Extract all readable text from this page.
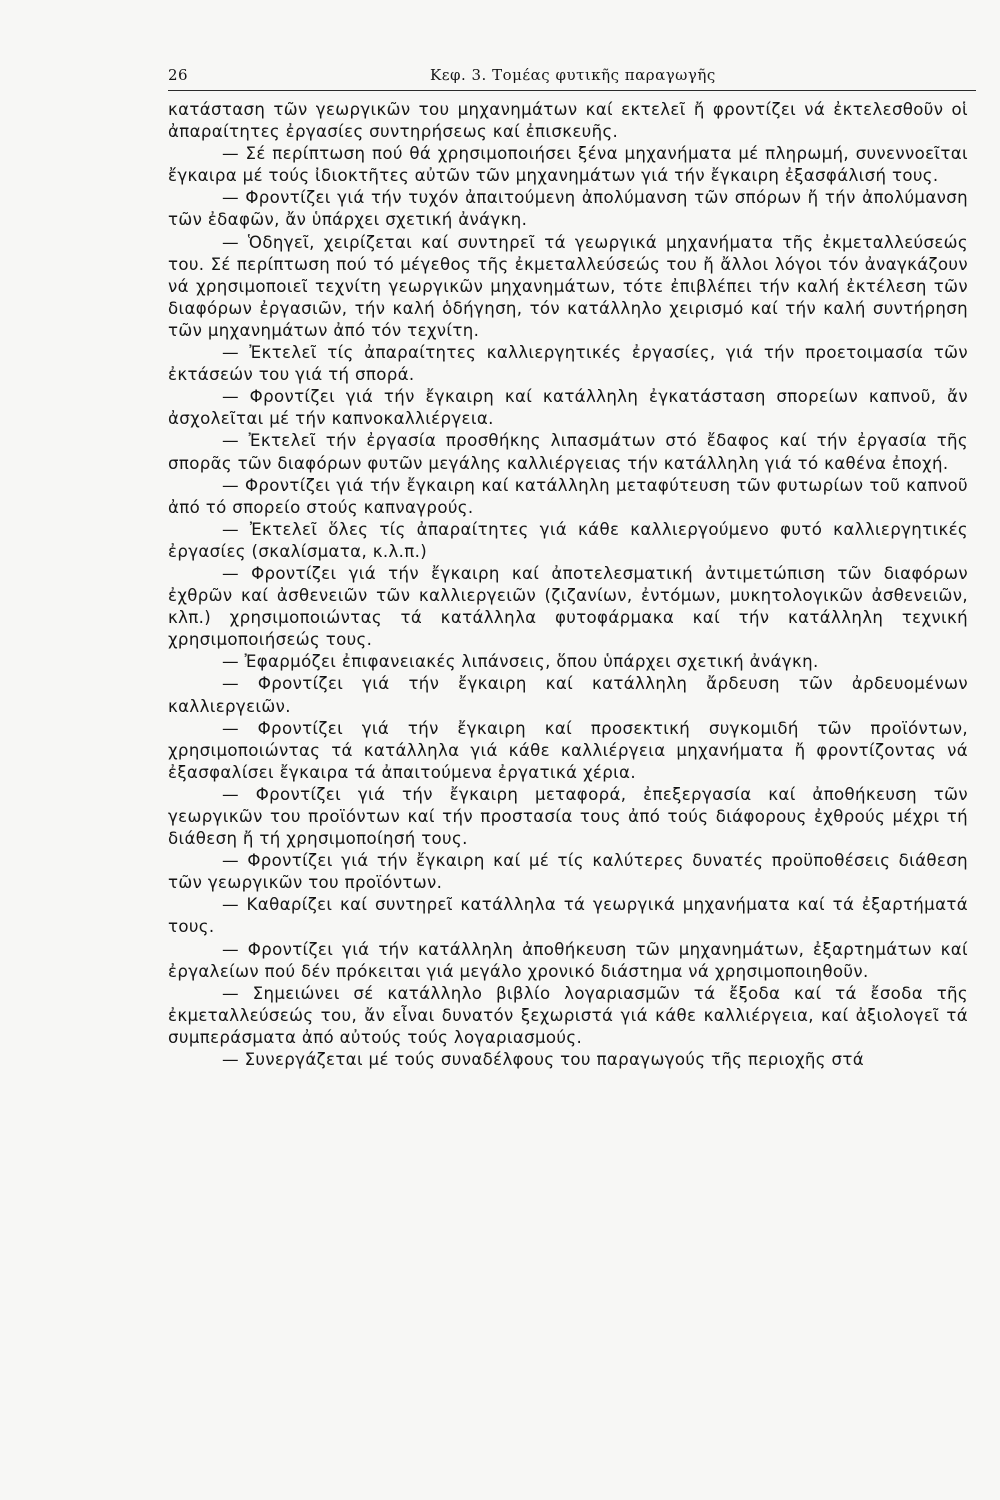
26	Κεφ. 3. Τομέας φυτικῆς παραγωγῆς

κατάσταση τῶν γεωργικῶν του μηχανημάτων καί εκτελεῖ ἤ φροντίζει νά ἐκτελεσθοῦν οἱ ἀπαραίτητες ἐργασίες συντηρήσεως καί ἐπισκευῆς.

— Σέ περίπτωση πού θά χρησιμοποιήσει ξένα μηχανήματα μέ πληρωμή, συνεννοεῖται ἔγκαιρα μέ τούς ἰδιοκτῆτες αὐτῶν τῶν μηχανημάτων γιά τήν ἔγκαιρη ἐξασφάλισή τους.

— Φροντίζει γιά τήν τυχόν ἀπαιτούμενη ἀπολύμανση τῶν σπόρων ἤ τήν ἀπολύμανση τῶν ἐδαφῶν, ἄν ὑπάρχει σχετική ἀνάγκη.

— Ὁδηγεῖ, χειρίζεται καί συντηρεῖ τά γεωργικά μηχανήματα τῆς ἐκμεταλλεύσεώς του. Σέ περίπτωση πού τό μέγεθος τῆς ἐκμεταλλεύσεώς του ἤ ἄλλοι λόγοι τόν ἀναγκάζουν νά χρησιμοποιεῖ τεχνίτη γεωργικῶν μηχανημάτων, τότε ἐπιβλέπει τήν καλή ἐκτέλεση τῶν διαφόρων ἐργασιῶν, τήν καλή ὁδήγηση, τόν κατάλληλο χειρισμό καί τήν καλή συντήρηση τῶν μηχανημάτων ἀπό τόν τεχνίτη.

— Ἐκτελεῖ τίς ἀπαραίτητες καλλιεργητικές ἐργασίες, γιά τήν προετοιμασία τῶν ἐκτάσεών του γιά τή σπορά.

— Φροντίζει γιά τήν ἔγκαιρη καί κατάλληλη ἐγκατάσταση σπορείων καπνοῦ, ἄν ἀσχολεῖται μέ τήν καπνοκαλλιέργεια.

— Ἐκτελεῖ τήν ἐργασία προσθήκης λιπασμάτων στό ἔδαφος καί τήν ἐργασία τῆς σπορᾶς τῶν διαφόρων φυτῶν μεγάλης καλλιέργειας τήν κατάλληλη γιά τό καθένα ἐποχή.

— Φροντίζει γιά τήν ἔγκαιρη καί κατάλληλη μεταφύτευση τῶν φυτωρίων τοῦ καπνοῦ ἀπό τό σπορείο στούς καπναγρούς.

— Ἐκτελεῖ ὅλες τίς ἀπαραίτητες γιά κάθε καλλιεργούμενο φυτό καλλιεργητικές ἐργασίες (σκαλίσματα, κ.λ.π.)

— Φροντίζει γιά τήν ἔγκαιρη καί ἀποτελεσματική ἀντιμετώπιση τῶν διαφόρων ἐχθρῶν καί ἀσθενειῶν τῶν καλλιεργειῶν (ζιζανίων, ἐντόμων, μυκητολογικῶν ἀσθενειῶν, κλπ.) χρησιμοποιώντας τά κατάλληλα φυτοφάρμακα καί τήν κατάλληλη τεχνική χρησιμοποιήσεώς τους.

— Ἐφαρμόζει ἐπιφανειακές λιπάνσεις, ὅπου ὑπάρχει σχετική ἀνάγκη.

— Φροντίζει γιά τήν ἔγκαιρη καί κατάλληλη ἄρδευση τῶν ἀρδευομένων καλλιεργειῶν.

— Φροντίζει γιά τήν ἔγκαιρη καί προσεκτική συγκομιδή τῶν προϊόντων, χρησιμοποιώντας τά κατάλληλα γιά κάθε καλλιέργεια μηχανήματα ἤ φροντίζοντας νά ἐξασφαλίσει ἔγκαιρα τά ἀπαιτούμενα ἐργατικά χέρια.

— Φροντίζει γιά τήν ἔγκαιρη μεταφορά, ἐπεξεργασία καί ἀποθήκευση τῶν γεωργικῶν του προϊόντων καί τήν προστασία τους ἀπό τούς διάφορους ἐχθρούς μέχρι τή διάθεση ἤ τή χρησιμοποίησή τους.

— Φροντίζει γιά τήν ἔγκαιρη καί μέ τίς καλύτερες δυνατές προϋποθέσεις διάθεση τῶν γεωργικῶν του προϊόντων.

— Καθαρίζει καί συντηρεῖ κατάλληλα τά γεωργικά μηχανήματα καί τά ἐξαρτήματά τους.

— Φροντίζει γιά τήν κατάλληλη ἀποθήκευση τῶν μηχανημάτων, ἐξαρτημάτων καί ἐργαλείων πού δέν πρόκειται γιά μεγάλο χρονικό διάστημα νά χρησιμοποιηθοῦν.

— Σημειώνει σέ κατάλληλο βιβλίο λογαριασμῶν τά ἔξοδα καί τά ἔσοδα τῆς ἐκμεταλλεύσεώς του, ἄν εἶναι δυνατόν ξεχωριστά γιά κάθε καλλιέργεια, καί ἀξιολογεῖ τά συμπεράσματα ἀπό αὐτούς τούς λογαριασμούς.

— Συνεργάζεται μέ τούς συναδέλφους του παραγωγούς τῆς περιοχῆς στά
